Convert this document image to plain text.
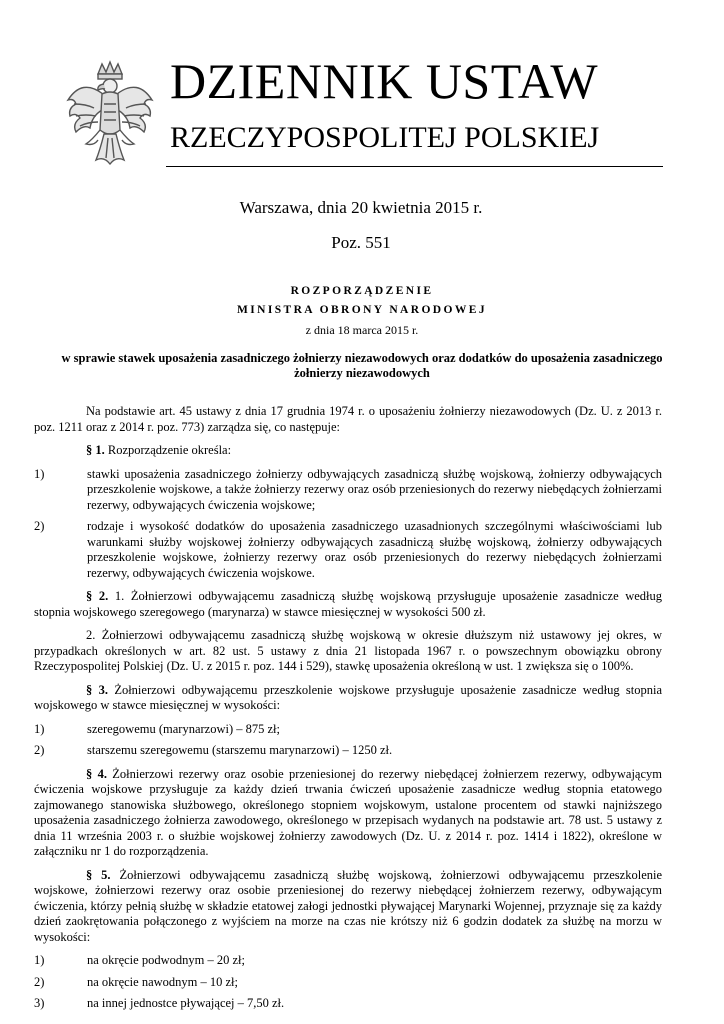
DZIENNIK USTAW
RZECZYPOSPOLITEJ POLSKIEJ
Warszawa, dnia 20 kwietnia 2015 r.
Poz. 551
ROZPORZĄDZENIE
MINISTRA OBRONY NARODOWEJ
z dnia 18 marca 2015 r.
w sprawie stawek uposażenia zasadniczego żołnierzy niezawodowych oraz dodatków do uposażenia zasadniczego żołnierzy niezawodowych

Na podstawie art. 45 ustawy z dnia 17 grudnia 1974 r. o uposażeniu żołnierzy niezawodowych (Dz. U. z 2013 r. poz. 1211 oraz z 2014 r. poz. 773) zarządza się, co następuje:

§ 1. Rozporządzenie określa:

1)	stawki uposażenia zasadniczego żołnierzy odbywających zasadniczą służbę wojskową, żołnierzy odbywających przeszkolenie wojskowe, a także żołnierzy rezerwy oraz osób przeniesionych do rezerwy niebędących żołnierzami rezerwy, odbywających ćwiczenia wojskowe;
2)	rodzaje i wysokość dodatków do uposażenia zasadniczego uzasadnionych szczególnymi właściwościami lub warunkami służby wojskowej żołnierzy odbywających zasadniczą służbę wojskową, żołnierzy odbywających przeszkolenie wojskowe, żołnierzy rezerwy oraz osób przeniesionych do rezerwy niebędących żołnierzami rezerwy, odbywających ćwiczenia wojskowe.

§ 2. 1. Żołnierzowi odbywającemu zasadniczą służbę wojskową przysługuje uposażenie zasadnicze według stopnia wojskowego szeregowego (marynarza) w stawce miesięcznej w wysokości 500 zł.

2. Żołnierzowi odbywającemu zasadniczą służbę wojskową w okresie dłuższym niż ustawowy jej okres, w przypadkach określonych w art. 82 ust. 5 ustawy z dnia 21 listopada 1967 r. o powszechnym obowiązku obrony Rzeczypospolitej Polskiej (Dz. U. z 2015 r. poz. 144 i 529), stawkę uposażenia określoną w ust. 1 zwiększa się o 100%.

§ 3. Żołnierzowi odbywającemu przeszkolenie wojskowe przysługuje uposażenie zasadnicze według stopnia wojskowego w stawce miesięcznej w wysokości:

1)	szeregowemu (marynarzowi) – 875 zł;
2)	starszemu szeregowemu (starszemu marynarzowi) – 1250 zł.

§ 4. Żołnierzowi rezerwy oraz osobie przeniesionej do rezerwy niebędącej żołnierzem rezerwy, odbywającym ćwiczenia wojskowe przysługuje za każdy dzień trwania ćwiczeń uposażenie zasadnicze według stopnia etatowego zajmowanego stanowiska służbowego, określonego stopniem wojskowym, ustalone procentem od stawki najniższego uposażenia zasadniczego żołnierza zawodowego, określonego w przepisach wydanych na podstawie art. 78 ust. 5 ustawy z dnia 11 września 2003 r. o służbie wojskowej żołnierzy zawodowych (Dz. U. z 2014 r. poz. 1414 i 1822), określone w załączniku nr 1 do rozporządzenia.

§ 5. Żołnierzowi odbywającemu zasadniczą służbę wojskową, żołnierzowi odbywającemu przeszkolenie wojskowe, żołnierzowi rezerwy oraz osobie przeniesionej do rezerwy niebędącej żołnierzem rezerwy, odbywającym ćwiczenia, którzy pełnią służbę w składzie etatowej załogi jednostki pływającej Marynarki Wojennej, przyznaje się za każdy dzień zaokrętowania połączonego z wyjściem na morze na czas nie krótszy niż 6 godzin dodatek za służbę na morzu w wysokości:

1)	na okręcie podwodnym – 20 zł;
2)	na okręcie nawodnym – 10 zł;
3)	na innej jednostce pływającej – 7,50 zł.
